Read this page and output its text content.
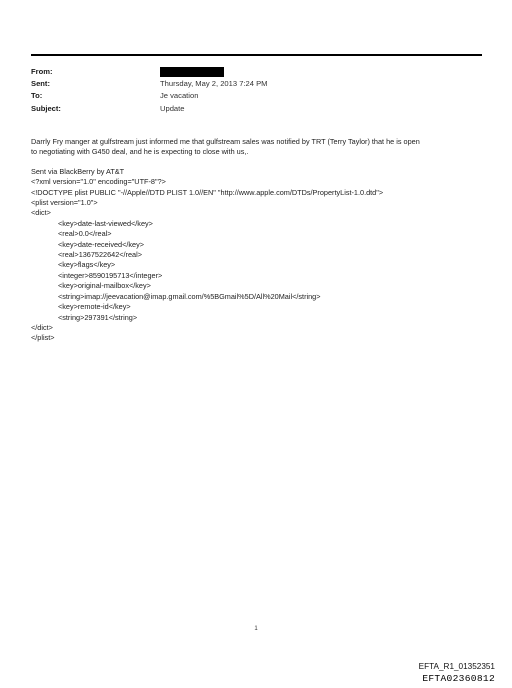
From:
Sent:	Thursday, May 2, 2013 7:24 PM
To:	Je vacation
Subject:	Update
Darrly Fry manger at gulfstream just informed me that gulfstream sales was notified by TRT (Terry Taylor) that he is open
to negotiating with G450 deal, and he is expecting to close with us,.
Sent via BlackBerry by AT&T
<?xml version="1.0" encoding="UTF-8"?>
<!DOCTYPE plist PUBLIC "-//Apple//DTD PLIST 1.0//EN" "http://www.apple.com/DTDs/PropertyList-1.0.dtd">
<plist version="1.0">
<dict>
<key>date-last-viewed</key>
<real>0.0</real>
<key>date-received</key>
<real>1367522642</real>
<key>flags</key>
<integer>8590195713</integer>
<key>original-mailbox</key>
<string>imap://jeevacation@imap.gmail.com/%5BGmail%5D/All%20Mail</string>
<key>remote-id</key>
<string>297391</string>
</dict>
</plist>
1
EFTA_R1_01352351
EFTA02360812
